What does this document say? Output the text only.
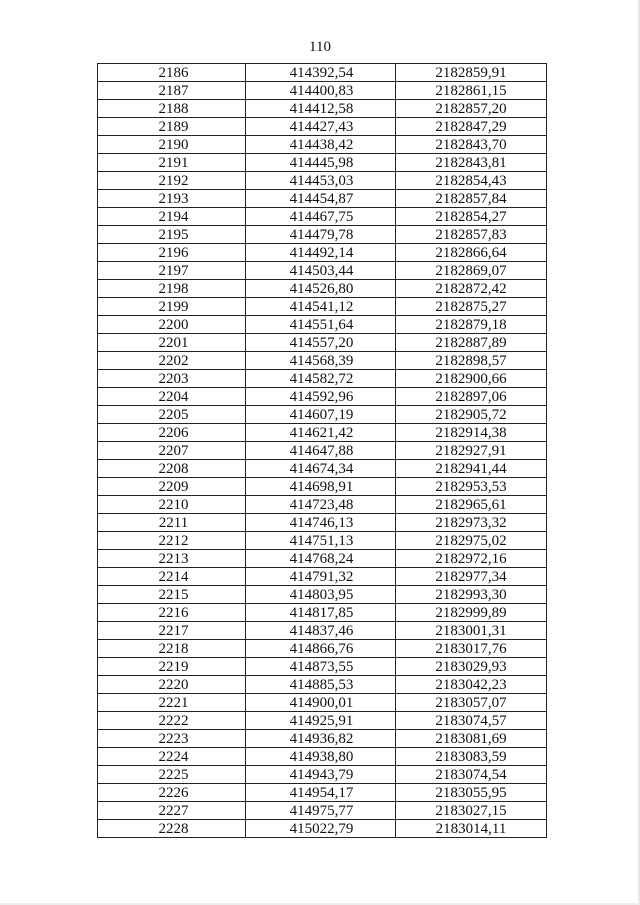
110
2186	414392,54	2182859,91
2187	414400,83	2182861,15
2188	414412,58	2182857,20
2189	414427,43	2182847,29
2190	414438,42	2182843,70
2191	414445,98	2182843,81
2192	414453,03	2182854,43
2193	414454,87	2182857,84
2194	414467,75	2182854,27
2195	414479,78	2182857,83
2196	414492,14	2182866,64
2197	414503,44	2182869,07
2198	414526,80	2182872,42
2199	414541,12	2182875,27
2200	414551,64	2182879,18
2201	414557,20	2182887,89
2202	414568,39	2182898,57
2203	414582,72	2182900,66
2204	414592,96	2182897,06
2205	414607,19	2182905,72
2206	414621,42	2182914,38
2207	414647,88	2182927,91
2208	414674,34	2182941,44
2209	414698,91	2182953,53
2210	414723,48	2182965,61
2211	414746,13	2182973,32
2212	414751,13	2182975,02
2213	414768,24	2182972,16
2214	414791,32	2182977,34
2215	414803,95	2182993,30
2216	414817,85	2182999,89
2217	414837,46	2183001,31
2218	414866,76	2183017,76
2219	414873,55	2183029,93
2220	414885,53	2183042,23
2221	414900,01	2183057,07
2222	414925,91	2183074,57
2223	414936,82	2183081,69
2224	414938,80	2183083,59
2225	414943,79	2183074,54
2226	414954,17	2183055,95
2227	414975,77	2183027,15
2228	415022,79	2183014,11
